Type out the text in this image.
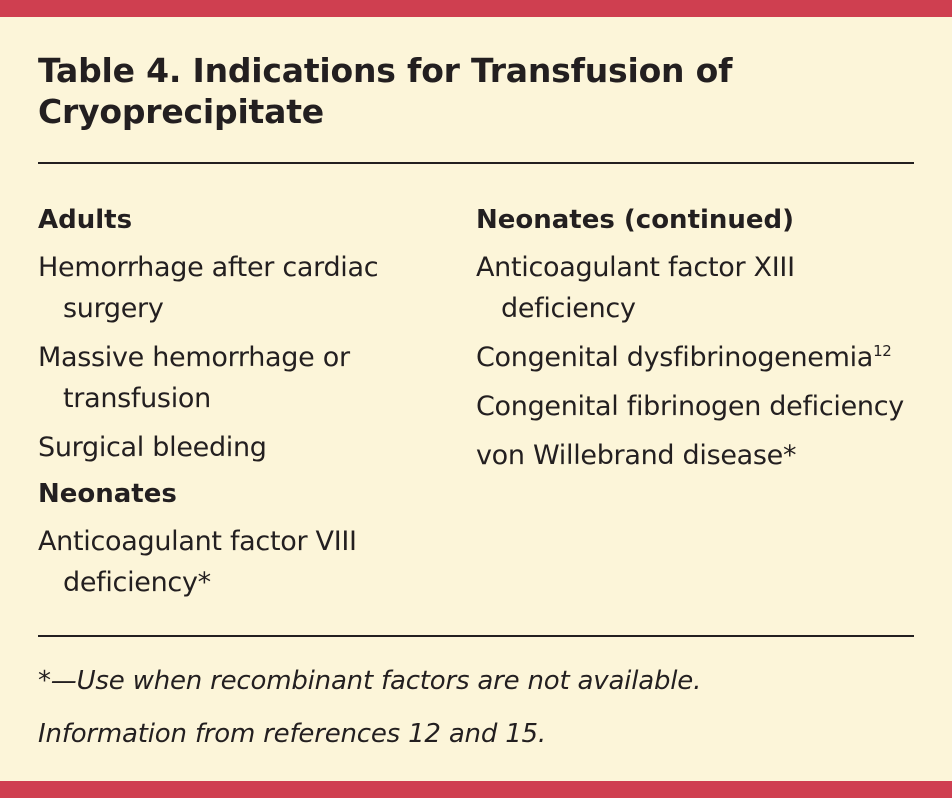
Table 4. Indications for Transfusion of Cryoprecipitate

Adults

Hemorrhage after cardiac surgery

Massive hemorrhage or transfusion

Surgical bleeding

Neonates

Anticoagulant factor VIII deficiency*

Neonates (continued)

Anticoagulant factor XIII deficiency

Congenital dysfibrinogenemia$^{12}$

Congenital fibrinogen deficiency

von Willebrand disease*

*—Use when recombinant factors are not available.

Information from references 12 and 15.
